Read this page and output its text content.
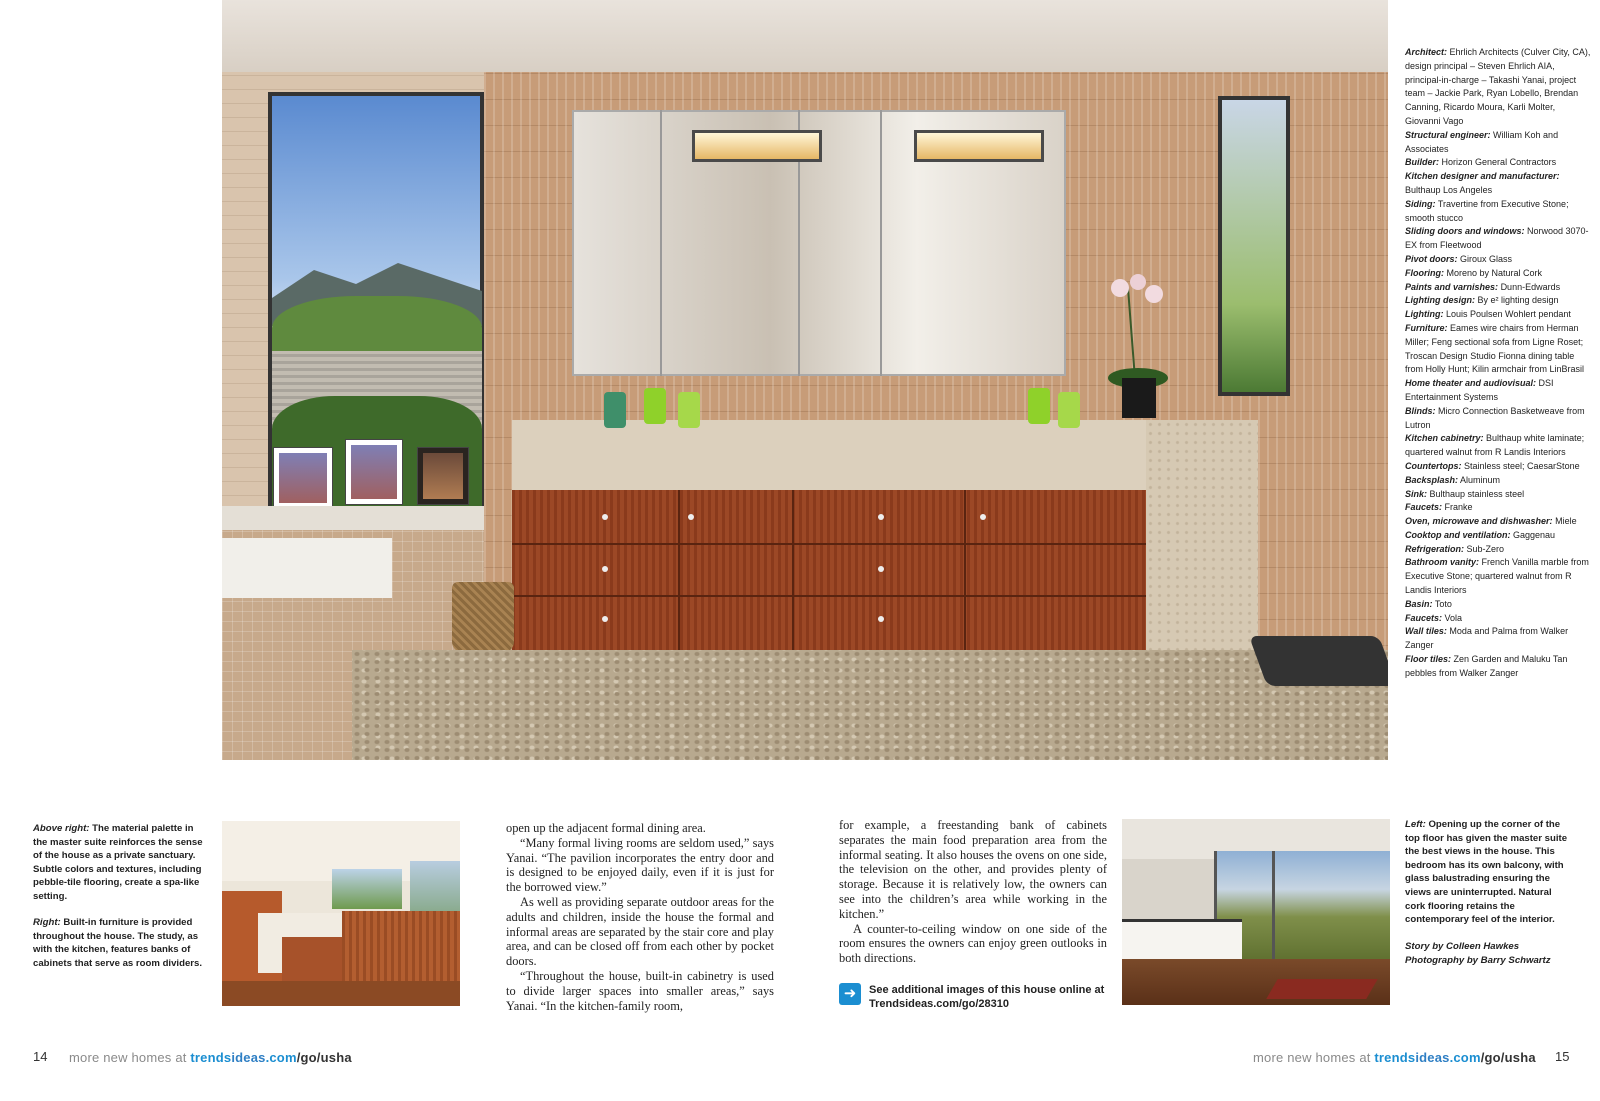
Architect: Ehrlich Architects (Culver City, CA), design principal – Steven Ehrlich AIA, principal-in-charge – Takashi Yanai, project team – Jackie Park, Ryan Lobello, Brendan Canning, Ricardo Moura, Karli Molter, Giovanni Vago
Structural engineer: William Koh and Associates
Builder: Horizon General Contractors
Kitchen designer and manufacturer: Bulthaup Los Angeles
Siding: Travertine from Executive Stone; smooth stucco
Sliding doors and windows: Norwood 3070-EX from Fleetwood
Pivot doors: Giroux Glass
Flooring: Moreno by Natural Cork
Paints and varnishes: Dunn-Edwards
Lighting design: By e² lighting design
Lighting: Louis Poulsen Wohlert pendant
Furniture: Eames wire chairs from Herman Miller; Feng sectional sofa from Ligne Roset; Troscan Design Studio Fionna dining table from Holly Hunt; Kilin armchair from LinBrasil
Home theater and audiovisual: DSI Entertainment Systems
Blinds: Micro Connection Basketweave from Lutron
Kitchen cabinetry: Bulthaup white laminate; quartered walnut from R Landis Interiors
Countertops: Stainless steel; CaesarStone
Backsplash: Aluminum
Sink: Bulthaup stainless steel
Faucets: Franke
Oven, microwave and dishwasher: Miele
Cooktop and ventilation: Gaggenau
Refrigeration: Sub-Zero
Bathroom vanity: French Vanilla marble from Executive Stone; quartered walnut from R Landis Interiors
Basin: Toto
Faucets: Vola
Wall tiles: Moda and Palma from Walker Zanger
Floor tiles: Zen Garden and Maluku Tan pebbles from Walker Zanger
Above right: The material palette in the master suite reinforces the sense of the house as a private sanctuary. Subtle colors and textures, including pebble-tile flooring, create a spa-like setting.
Right: Built-in furniture is provided throughout the house. The study, as with the kitchen, features banks of cabinets that serve as room dividers.
Left: Opening up the corner of the top floor has given the master suite the best views in the house. This bedroom has its own balcony, with glass balustrading ensuring the views are uninterrupted. Natural cork flooring retains the contemporary feel of the interior.
Story by Colleen Hawkes
Photography by Barry Schwartz

open up the adjacent formal dining area.

“Many formal living rooms are seldom used,” says Yanai. “The pavilion incorporates the entry door and is designed to be enjoyed daily, even if it is just for the borrowed view.”

As well as providing separate outdoor areas for the adults and children, inside the house the formal and informal areas are separated by the stair core and play area, and can be closed off from each other by pocket doors.

“Throughout the house, built-in cabinetry is used to divide larger spaces into smaller areas,” says Yanai. “In the kitchen-family room,

for example, a freestanding bank of cabinets separates the main food preparation area from the informal seating. It also houses the ovens on one side, the television on the other, and provides plenty of storage. Because it is relatively low, the owners can see into the children’s area while working in the kitchen.”

A counter-to-ceiling window on one side of the room ensures the owners can enjoy green outlooks in both directions.

➜	See additional images of this house online at
Trendsideas.com/go/28310
14 more new homes at trendsideas.com/go/usha	more new homes at trendsideas.com/go/usha 15
